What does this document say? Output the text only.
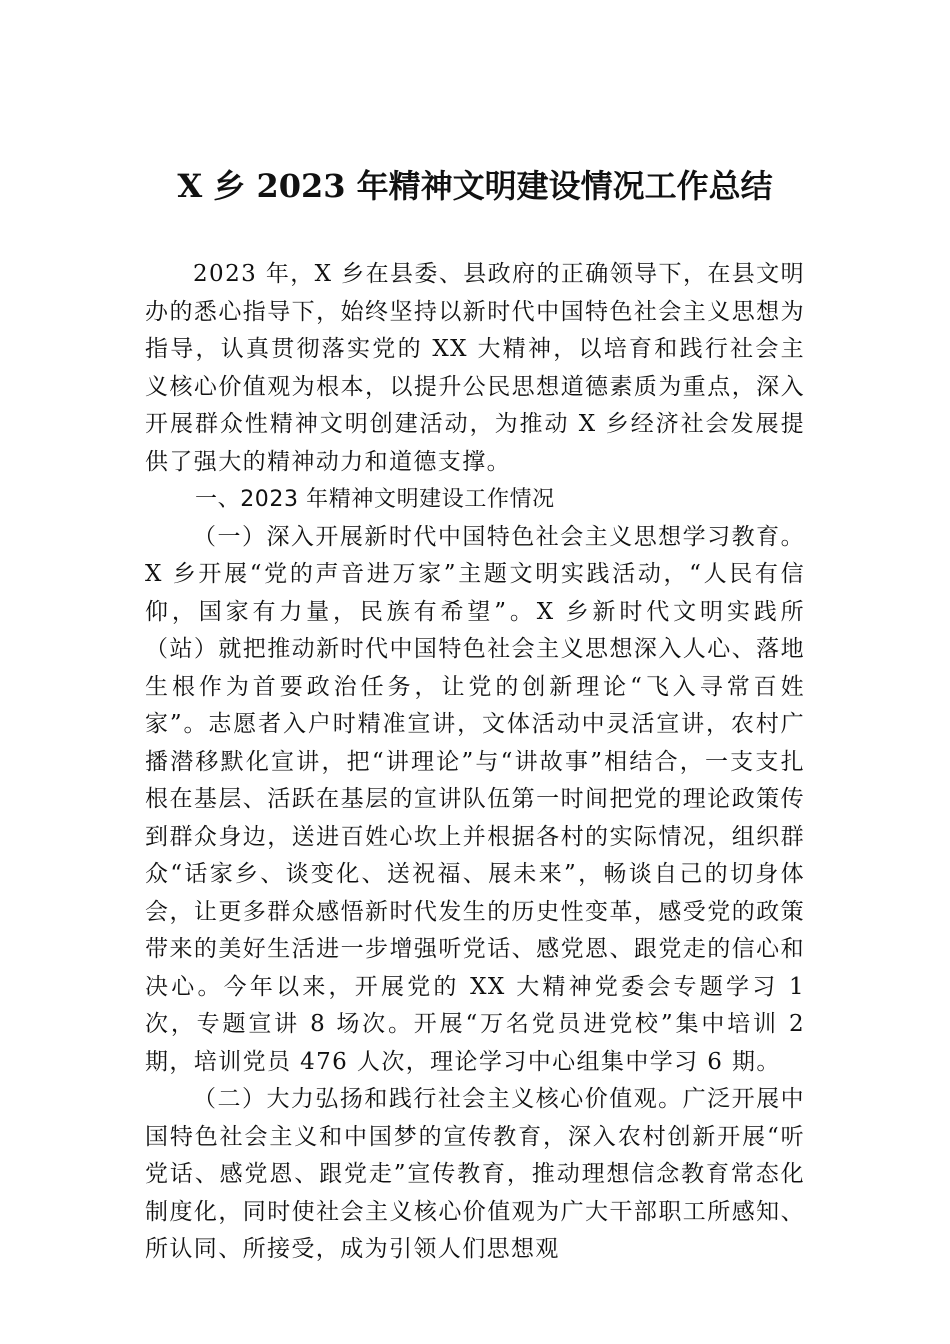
X 乡 2023 年精神文明建设情况工作总结

2023 年，X 乡在县委、县政府的正确领导下，在县文明办的悉心指导下，始终坚持以新时代中国特色社会主义思想为指导，认真贯彻落实党的 XX 大精神，以培育和践行社会主义核心价值观为根本，以提升公民思想道德素质为重点，深入开展群众性精神文明创建活动，为推动 X 乡经济社会发展提供了强大的精神动力和道德支撑。

一、2023 年精神文明建设工作情况

（一）深入开展新时代中国特色社会主义思想学习教育。X 乡开展“党的声音进万家”主题文明实践活动，“人民有信仰，国家有力量，民族有希望”。X 乡新时代文明实践所（站）就把推动新时代中国特色社会主义思想深入人心、落地生根作为首要政治任务，让党的创新理论“飞入寻常百姓家”。志愿者入户时精准宣讲，文体活动中灵活宣讲，农村广播潜移默化宣讲，把“讲理论”与“讲故事”相结合，一支支扎根在基层、活跃在基层的宣讲队伍第一时间把党的理论政策传到群众身边，送进百姓心坎上并根据各村的实际情况，组织群众“话家乡、谈变化、送祝福、展未来”，畅谈自己的切身体会，让更多群众感悟新时代发生的历史性变革，感受党的政策带来的美好生活进一步增强听党话、感党恩、跟党走的信心和决心。今年以来，开展党的 XX 大精神党委会专题学习 1 次，专题宣讲 8 场次。开展“万名党员进党校”集中培训 2 期，培训党员 476 人次，理论学习中心组集中学习 6 期。

（二）大力弘扬和践行社会主义核心价值观。广泛开展中国特色社会主义和中国梦的宣传教育，深入农村创新开展“听党话、感党恩、跟党走”宣传教育，推动理想信念教育常态化制度化，同时使社会主义核心价值观为广大干部职工所感知、所认同、所接受，成为引领人们思想观
